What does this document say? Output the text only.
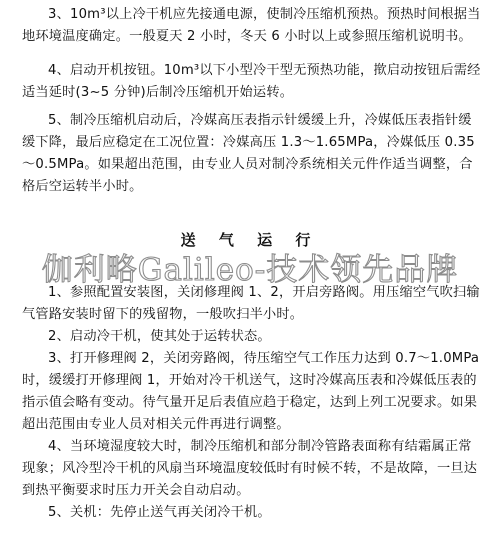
3、10m³以上冷干机应先接通电源，使制冷压缩机预热。预热时间根据当地环境温度确定。一般夏天 2 小时，冬天 6 小时以上或参照压缩机说明书。

4、启动开机按钮。10m³以下小型冷干型无预热功能，揿启动按钮后需经适当延时(3~5 分钟)后制冷压缩机开始运转。

5、制冷压缩机启动后，冷媒高压表指示针缓缓上升，冷媒低压表指针缓缓下降，最后应稳定在工况位置：冷媒高压 1.3～1.65MPa，冷媒低压 0.35～0.5MPa。如果超出范围，由专业人员对制冷系统相关元件作适当调整，合格后空运转半小时。

送 气 运 行

1、参照配置安装图，关闭修理阀 1、2，开启旁路阀。用压缩空气吹扫输气管路安装时留下的残留物，一般吹扫半小时。

2、启动冷干机，使其处于运转状态。

3、打开修理阀 2，关闭旁路阀，待压缩空气工作压力达到 0.7～1.0MPa 时，缓缓打开修理阀 1，开始对冷干机送气，这时冷媒高压表和冷媒低压表的指示值会略有变动。待气量开足后表值应趋于稳定，达到上列工况要求。如果超出范围由专业人员对相关元件再进行调整。

4、当环境湿度较大时，制冷压缩机和部分制冷管路表面称有结霜属正常现象；风冷型冷干机的风扇当环境温度较低时有时候不转，不是故障，一旦达到热平衡要求时压力开关会自动启动。

5、关机：先停止送气再关闭冷干机。

伽利略Galileo-技术领先品牌
